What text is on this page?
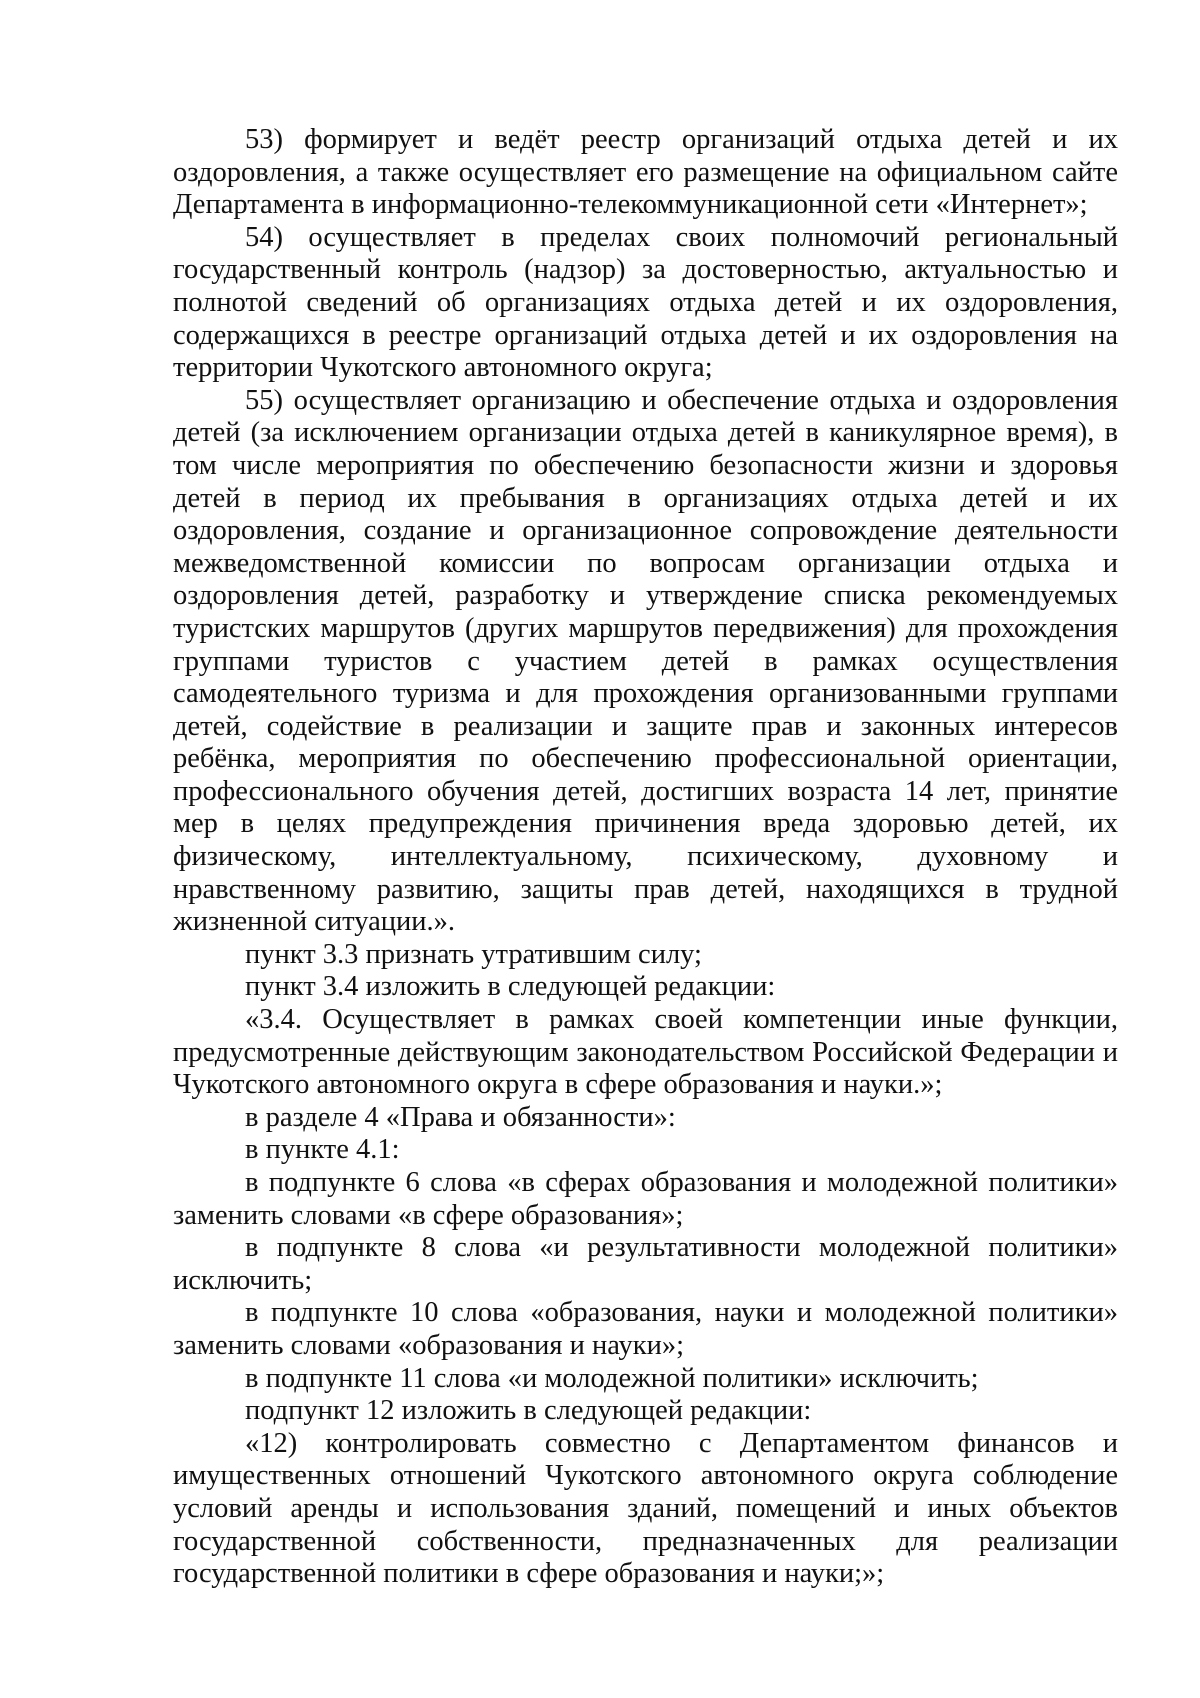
53) формирует и ведёт реестр организаций отдыха детей и их оздоровления, а также осуществляет его размещение на официальном сайте Департамента в информационно-телекоммуникационной сети «Интернет»;

54) осуществляет в пределах своих полномочий региональный государственный контроль (надзор) за достоверностью, актуальностью и полнотой сведений об организациях отдыха детей и их оздоровления, содержащихся в реестре организаций отдыха детей и их оздоровления на территории Чукотского автономного округа;

55) осуществляет организацию и обеспечение отдыха и оздоровления детей (за исключением организации отдыха детей в каникулярное время), в том числе мероприятия по обеспечению безопасности жизни и здоровья детей в период их пребывания в организациях отдыха детей и их оздоровления, создание и организационное сопровождение деятельности межведомственной комиссии по вопросам организации отдыха и оздоровления детей, разработку и утверждение списка рекомендуемых туристских маршрутов (других маршрутов передвижения) для прохождения группами туристов с участием детей в рамках осуществления самодеятельного туризма и для прохождения организованными группами детей, содействие в реализации и защите прав и законных интересов ребёнка, мероприятия по обеспечению профессиональной ориентации, профессионального обучения детей, достигших возраста 14 лет, принятие мер в целях предупреждения причинения вреда здоровью детей, их физическому, интеллектуальному, психическому, духовному и нравственному развитию, защиты прав детей, находящихся в трудной жизненной ситуации.».

пункт 3.3 признать утратившим силу;

пункт 3.4 изложить в следующей редакции:

«3.4. Осуществляет в рамках своей компетенции иные функции, предусмотренные действующим законодательством Российской Федерации и Чукотского автономного округа в сфере образования и науки.»;

в разделе 4 «Права и обязанности»:

в пункте 4.1:

в подпункте 6 слова «в сферах образования и молодежной политики» заменить словами «в сфере образования»;

в подпункте 8 слова «и результативности молодежной политики» исключить;

в подпункте 10 слова «образования, науки и молодежной политики» заменить словами «образования и науки»;

в подпункте 11 слова «и молодежной политики» исключить;

подпункт 12 изложить в следующей редакции:

«12) контролировать совместно с Департаментом финансов и имущественных отношений Чукотского автономного округа соблюдение условий аренды и использования зданий, помещений и иных объектов государственной собственности, предназначенных для реализации государственной политики в сфере образования и науки;»;
